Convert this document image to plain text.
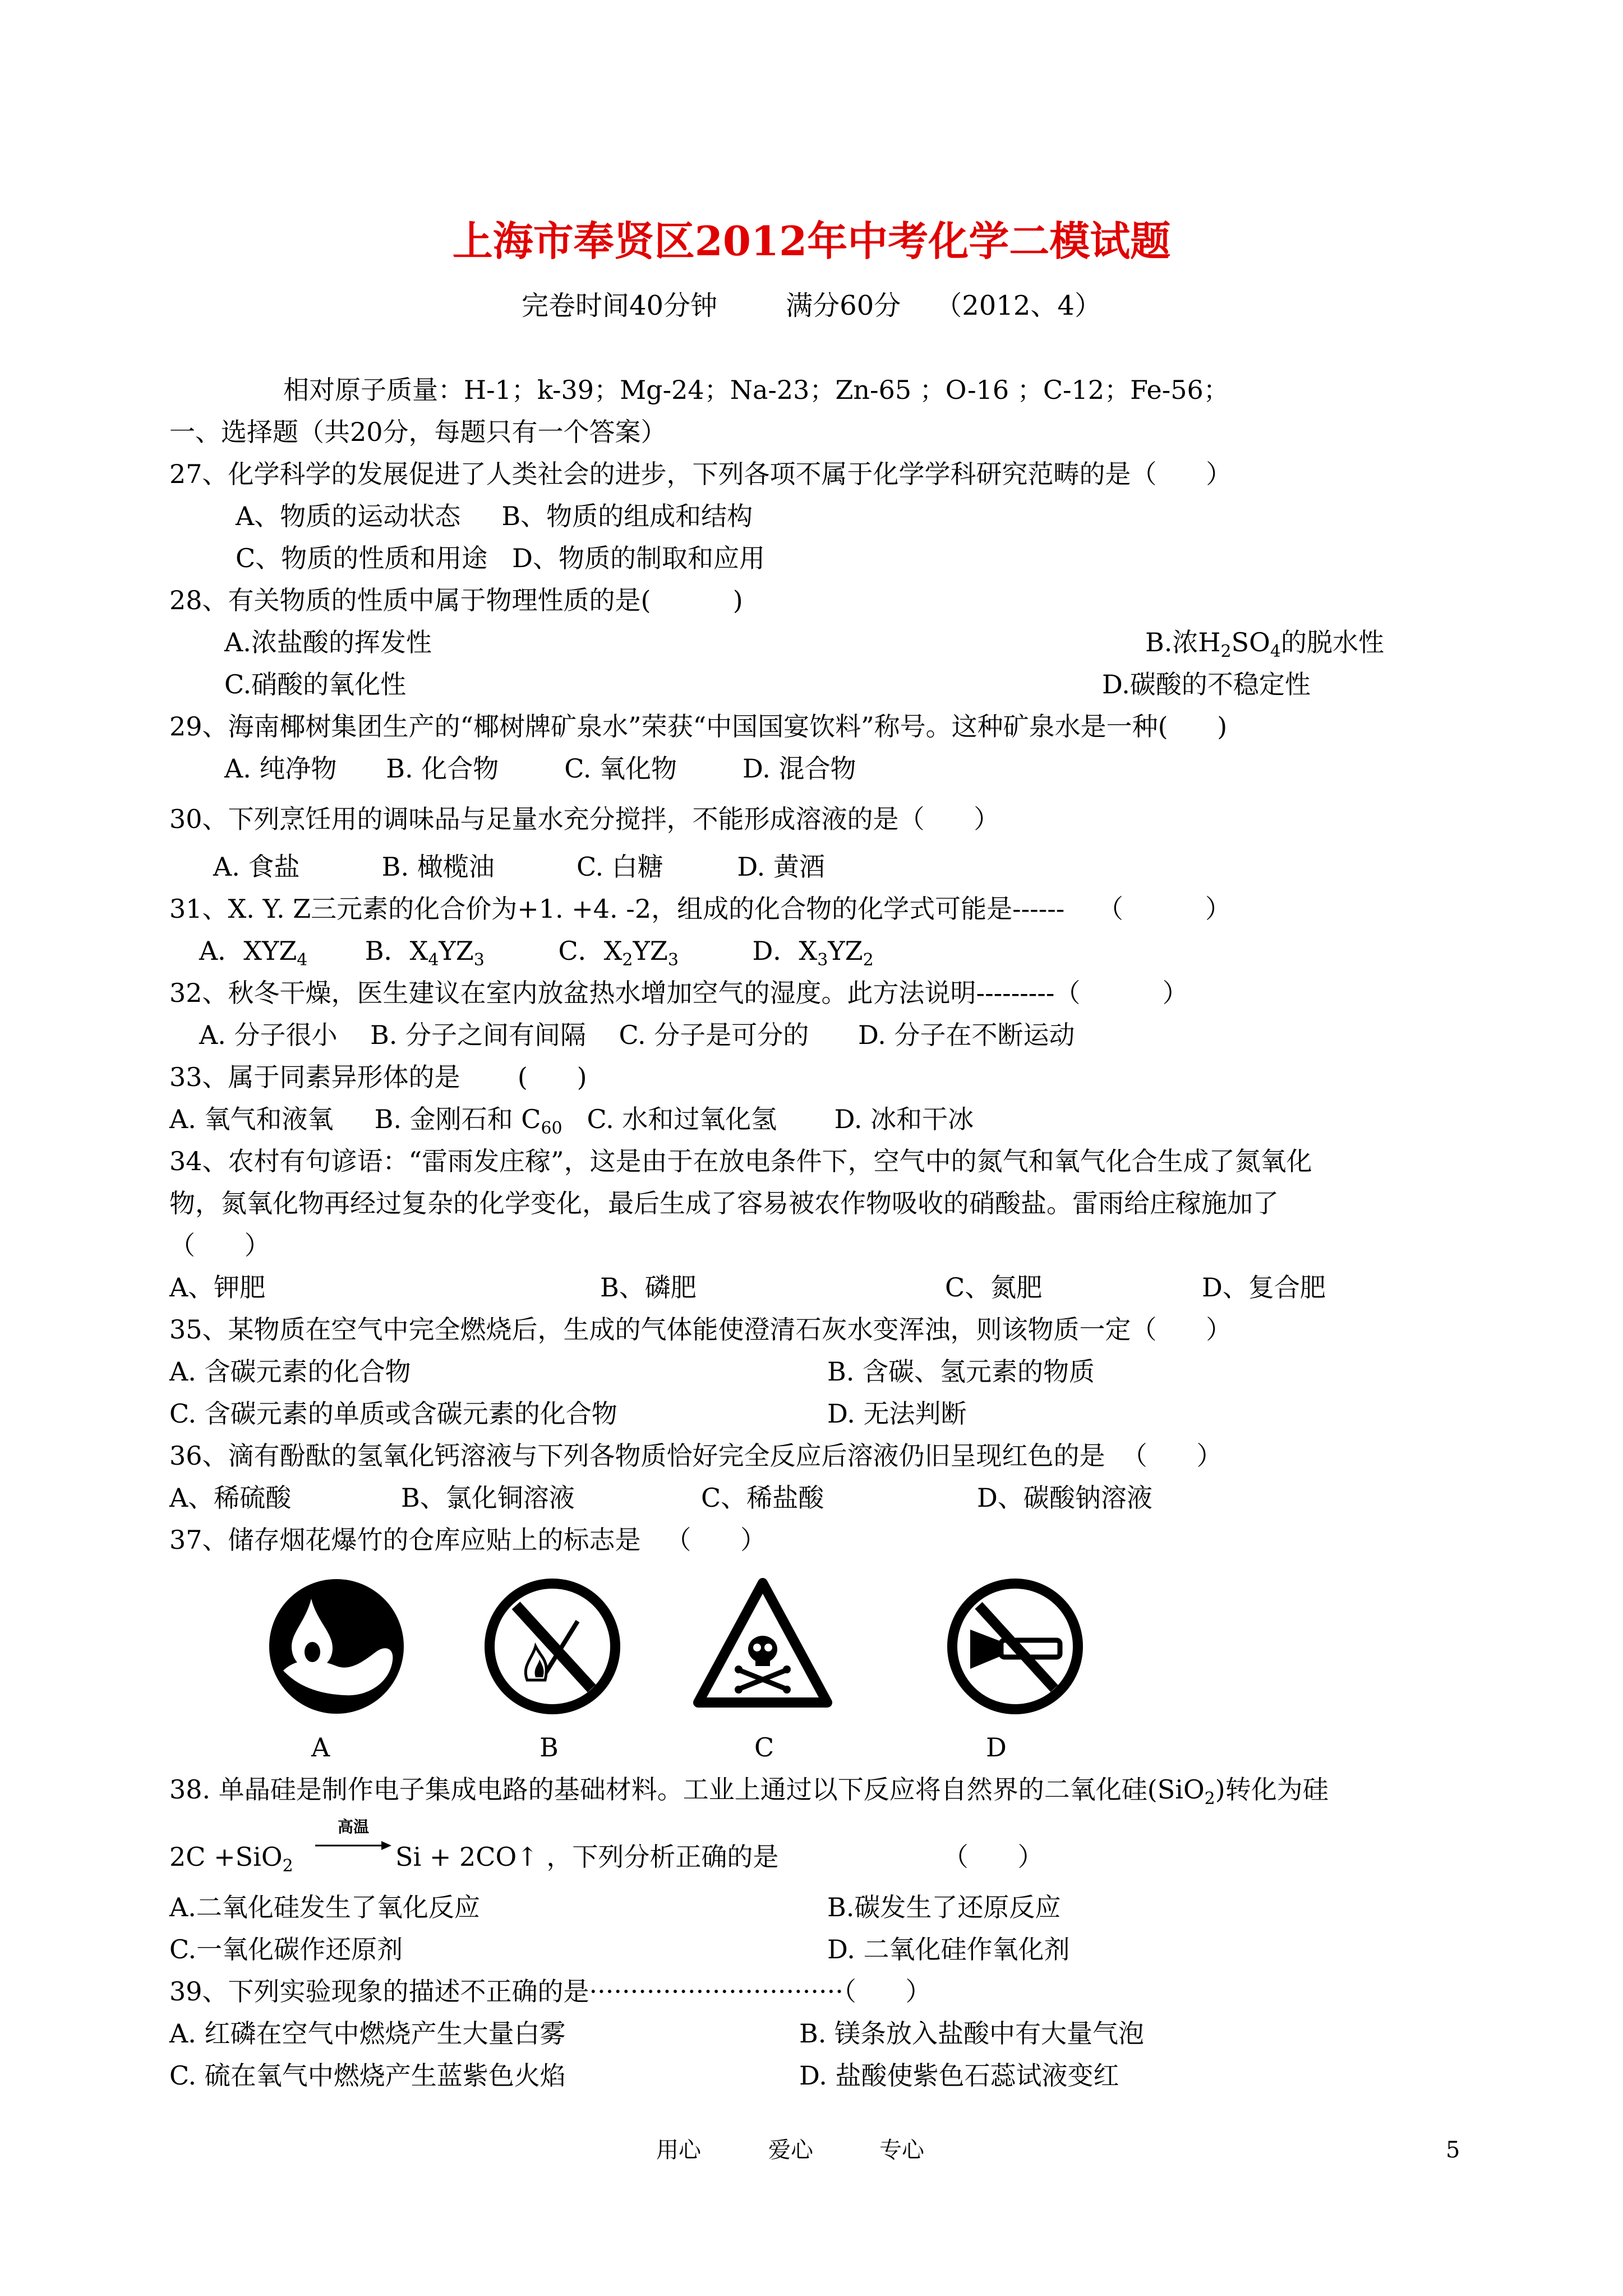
上海市奉贤区2012年中考化学二模试题
完卷时间40分钟        满分60分    （2012、4）
相对原子质量：H-1；k-39；Mg-24；Na-23；Zn-65 ；O-16 ；C-12；Fe-56；
一、选择题（共20分，每题只有一个答案）
27、化学科学的发展促进了人类社会的进步，下列各项不属于化学学科研究范畴的是（      ）
A、物质的运动状态     B、物质的组成和结构
C、物质的性质和用途   D、物质的制取和应用
28、有关物质的性质中属于物理性质的是(          )
A.浓盐酸的挥发性	B.浓$H_2SO_4$的脱水性
C.硝酸的氧化性	D.碳酸的不稳定性
29、海南椰树集团生产的“椰树牌矿泉水”荣获“中国国宴饮料”称号。这种矿泉水是一种(      )
A. 纯净物      B. 化合物        C. 氧化物        D. 混合物
30、下列烹饪用的调味品与足量水充分搅拌，不能形成溶液的是（      ）
A. 食盐          B. 橄榄油          C. 白糖         D. 黄酒
31、X. Y. Z三元素的化合价为+1. +4. -2，组成的化合物的化学式可能是------    （          ）
A．$XYZ_4$ B．$X_4YZ_3$	C．$X_2YZ_3$	D．$X_3YZ_2$
32、秋冬干燥，医生建议在室内放盆热水增加空气的湿度。此方法说明---------（          ）
A. 分子很小    B. 分子之间有间隔    C. 分子是可分的      D. 分子在不断运动
33、属于同素异形体的是       (      )
A. 氧气和液氧     B. 金刚石和 $C_{60}$   C. 水和过氧化氢       D. 冰和干冰
34、农村有句谚语：“雷雨发庄稼”，这是由于在放电条件下，空气中的氮气和氧气化合生成了氮氧化
物，氮氧化物再经过复杂的化学变化，最后生成了容易被农作物吸收的硝酸盐。雷雨给庄稼施加了
（      ）
A、钾肥	B、磷肥	C、氮肥	D、复合肥
35、某物质在空气中完全燃烧后，生成的气体能使澄清石灰水变浑浊，则该物质一定（      ）
A. 含碳元素的化合物	B. 含碳、氢元素的物质
C. 含碳元素的单质或含碳元素的化合物	D. 无法判断
36、滴有酚酞的氢氧化钙溶液与下列各物质恰好完全反应后溶液仍旧呈现红色的是  （      ）
A、稀硫酸	B、氯化铜溶液	C、稀盐酸	D、碳酸钠溶液
37、储存烟花爆竹的仓库应贴上的标志是   （      ）
A	B	C	D
38. 单晶硅是制作电子集成电路的基础材料。工业上通过以下反应将自然界的二氧化硅(SiO$_2$)转化为硅
2C +SiO$_2$
高温
Si + 2CO↑ ，下列分析正确的是                    （      ）
A.二氧化硅发生了氧化反应	B.碳发生了还原反应
C.一氧化碳作还原剂	D. 二氧化硅作氧化剂
39、下列实验现象的描述不正确的是·······························（      ）
A. 红磷在空气中燃烧产生大量白雾	B. 镁条放入盐酸中有大量气泡
C. 硫在氧气中燃烧产生蓝紫色火焰	D. 盐酸使紫色石蕊试液变红
用心	爱心	专心	5
